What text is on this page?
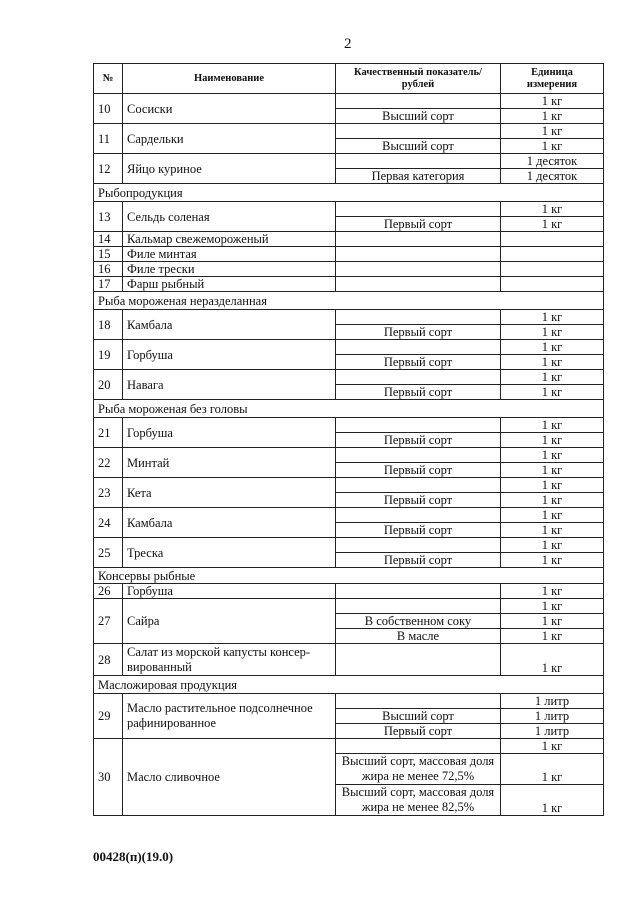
2
№	Наименование	Качественный показатель/рублей	Единица измерения
10	Сосиски		1 кг
		Высший сорт	1 кг
11	Сардельки		1 кг
		Высший сорт	1 кг
12	Яйцо куриное		1 десяток
		Первая категория	1 десяток
Рыбопродукция			
13	Сельдь соленая		1 кг
		Первый сорт	1 кг
14	Кальмар свежемороженый		
15	Филе минтая		
16	Филе трески		
17	Фарш рыбный		
Рыба мороженая неразделанная			
18	Камбала		1 кг
		Первый сорт	1 кг
19	Горбуша		1 кг
		Первый сорт	1 кг
20	Навага		1 кг
		Первый сорт	1 кг
Рыба мороженая без головы			
21	Горбуша		1 кг
		Первый сорт	1 кг
22	Минтай		1 кг
		Первый сорт	1 кг
23	Кета		1 кг
		Первый сорт	1 кг
24	Камбала		1 кг
		Первый сорт	1 кг
25	Треска		1 кг
		Первый сорт	1 кг
Консервы рыбные			
26	Горбуша		1 кг
27	Сайра		1 кг
		В собственном соку	1 кг
		В масле	1 кг
28	Салат из морской капусты консер-вированный		1 кг
Масложировая продукция			
29	Масло растительное подсолнечное рафинированное		1 литр
		Высший сорт	1 литр
		Первый сорт	1 литр
30	Масло сливочное		1 кг
		Высший сорт, массовая доля жира не менее 72,5%	1 кг
		Высший сорт, массовая доля жира не менее 82,5%	1 кг
00428(п)(19.0)
